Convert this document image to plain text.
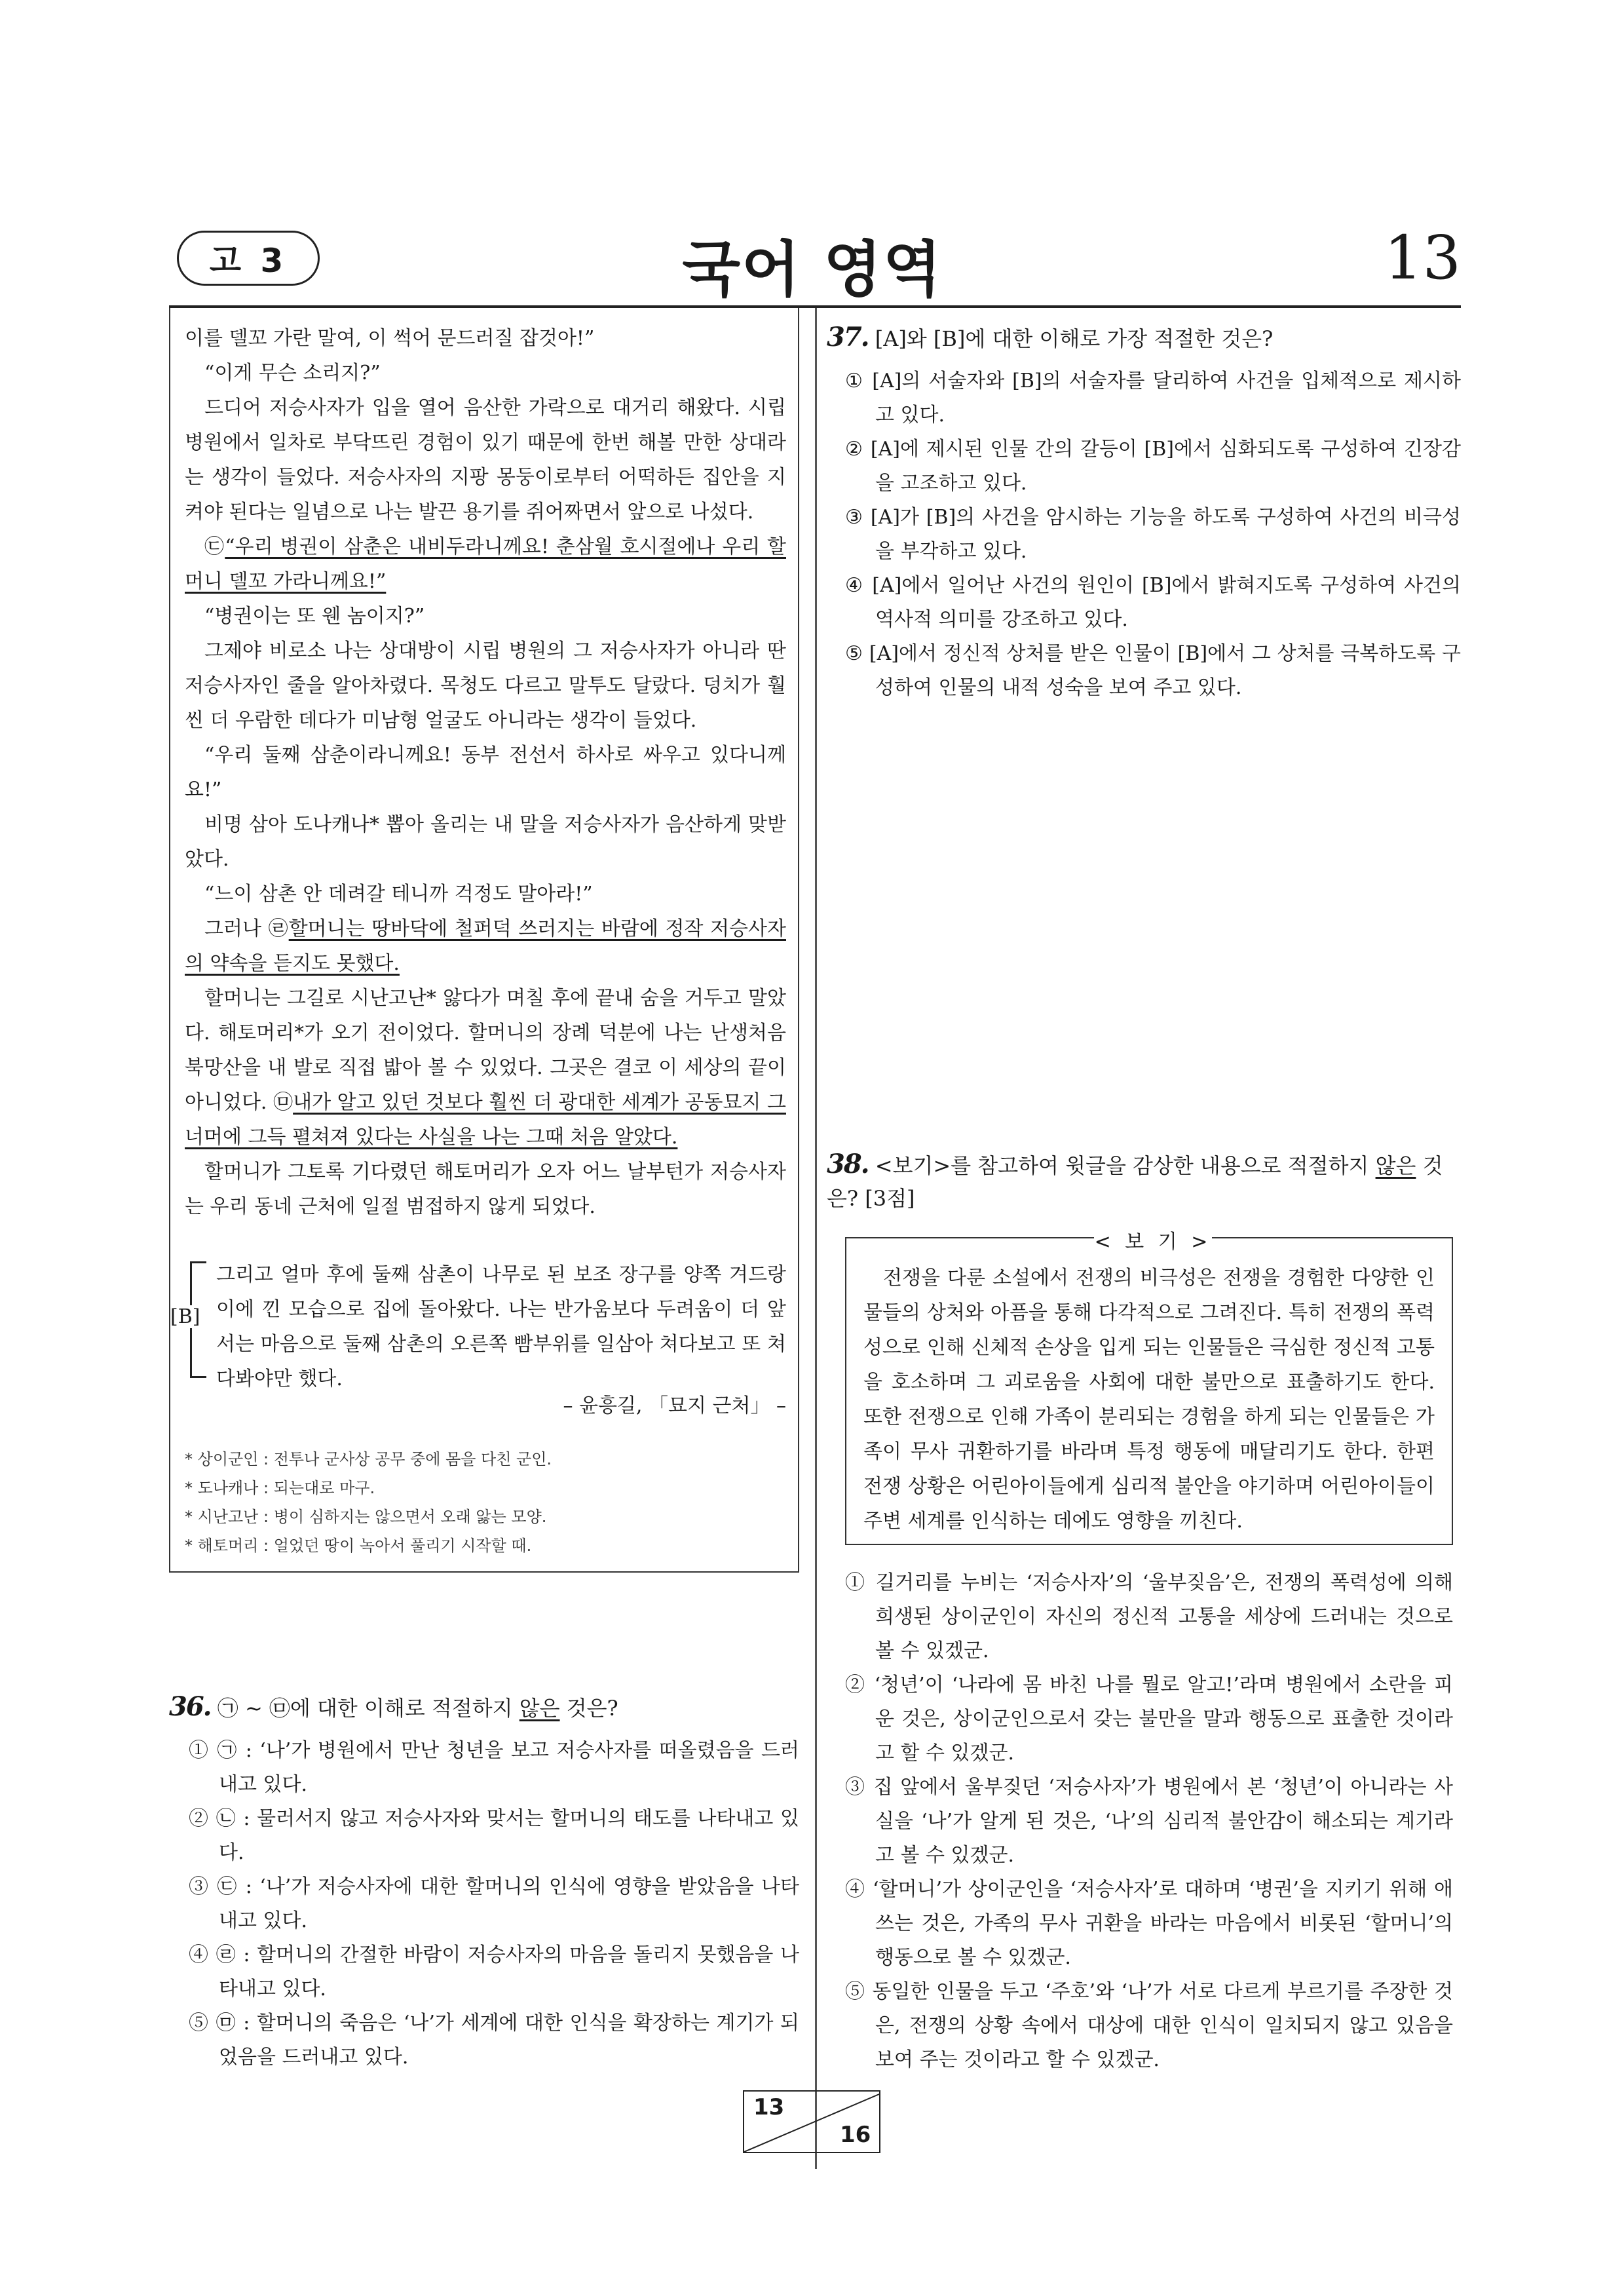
고 3	국어 영역	13

이를 델꼬 가란 말여, 이 썩어 문드러질 잡것아!”

“이게 무슨 소리지?”

드디어 저승사자가 입을 열어 음산한 가락으로 대거리 해왔다. 시립 병원에서 일차로 부닥뜨린 경험이 있기 때문에 한번 해볼 만한 상대라는 생각이 들었다. 저승사자의 지팡 몽둥이로부터 어떡하든 집안을 지켜야 된다는 일념으로 나는 발끈 용기를 쥐어짜면서 앞으로 나섰다.

㉢“우리 병권이 삼춘은 내비두라니께요! 춘삼월 호시절에나 우리 할머니 델꼬 가라니께요!”

“병권이는 또 웬 놈이지?”

그제야 비로소 나는 상대방이 시립 병원의 그 저승사자가 아니라 딴 저승사자인 줄을 알아차렸다. 목청도 다르고 말투도 달랐다. 덩치가 훨씬 더 우람한 데다가 미남형 얼굴도 아니라는 생각이 들었다.

“우리 둘째 삼춘이라니께요! 동부 전선서 하사로 싸우고 있다니께요!”

비명 삼아 도나캐나* 뽑아 올리는 내 말을 저승사자가 음산하게 맞받았다.

“느이 삼촌 안 데려갈 테니까 걱정도 말아라!”

그러나 ㉣할머니는 땅바닥에 철퍼덕 쓰러지는 바람에 정작 저승사자의 약속을 듣지도 못했다.

할머니는 그길로 시난고난* 앓다가 며칠 후에 끝내 숨을 거두고 말았다. 해토머리*가 오기 전이었다. 할머니의 장례 덕분에 나는 난생처음 북망산을 내 발로 직접 밟아 볼 수 있었다. 그곳은 결코 이 세상의 끝이 아니었다. ㉤내가 알고 있던 것보다 훨씬 더 광대한 세계가 공동묘지 그 너머에 그득 펼쳐져 있다는 사실을 나는 그때 처음 알았다.

할머니가 그토록 기다렸던 해토머리가 오자 어느 날부턴가 저승사자는 우리 동네 근처에 일절 범접하지 않게 되었다.

[B]

그리고 얼마 후에 둘째 삼촌이 나무로 된 보조 장구를 양쪽 겨드랑이에 낀 모습으로 집에 돌아왔다. 나는 반가움보다 두려움이 더 앞서는 마음으로 둘째 삼촌의 오른쪽 빰부위를 일삼아 쳐다보고 또 쳐다봐야만 했다.

– 윤흥길, 「묘지 근처」 –
* 상이군인 : 전투나 군사상 공무 중에 몸을 다친 군인.
* 도나캐나 : 되는대로 마구.
* 시난고난 : 병이 심하지는 않으면서 오래 앓는 모양.
* 해토머리 : 얼었던 땅이 녹아서 풀리기 시작할 때.
36. ㉠ ~ ㉤에 대한 이해로 적절하지 않은 것은?

① ㉠ : ‘나’가 병원에서 만난 청년을 보고 저승사자를 떠올렸음을 드러내고 있다.

② ㉡ : 물러서지 않고 저승사자와 맞서는 할머니의 태도를 나타내고 있다.

③ ㉢ : ‘나’가 저승사자에 대한 할머니의 인식에 영향을 받았음을 나타내고 있다.

④ ㉣ : 할머니의 간절한 바람이 저승사자의 마음을 돌리지 못했음을 나타내고 있다.

⑤ ㉤ : 할머니의 죽음은 ‘나’가 세계에 대한 인식을 확장하는 계기가 되었음을 드러내고 있다.

37. [A]와 [B]에 대한 이해로 가장 적절한 것은?

① [A]의 서술자와 [B]의 서술자를 달리하여 사건을 입체적으로 제시하고 있다.

② [A]에 제시된 인물 간의 갈등이 [B]에서 심화되도록 구성하여 긴장감을 고조하고 있다.

③ [A]가 [B]의 사건을 암시하는 기능을 하도록 구성하여 사건의 비극성을 부각하고 있다.

④ [A]에서 일어난 사건의 원인이 [B]에서 밝혀지도록 구성하여 사건의 역사적 의미를 강조하고 있다.

⑤ [A]에서 정신적 상처를 받은 인물이 [B]에서 그 상처를 극복하도록 구성하여 인물의 내적 성숙을 보여 주고 있다.

38. <보기>를 참고하여 윗글을 감상한 내용으로 적절하지 않은 것은? [3점]

전쟁을 다룬 소설에서 전쟁의 비극성은 전쟁을 경험한 다양한 인물들의 상처와 아픔을 통해 다각적으로 그려진다. 특히 전쟁의 폭력성으로 인해 신체적 손상을 입게 되는 인물들은 극심한 정신적 고통을 호소하며 그 괴로움을 사회에 대한 불만으로 표출하기도 한다. 또한 전쟁으로 인해 가족이 분리되는 경험을 하게 되는 인물들은 가족이 무사 귀환하기를 바라며 특정 행동에 매달리기도 한다. 한편 전쟁 상황은 어린아이들에게 심리적 불안을 야기하며 어린아이들이 주변 세계를 인식하는 데에도 영향을 끼친다.

< 보 기 >

① 길거리를 누비는 ‘저승사자’의 ‘울부짖음’은, 전쟁의 폭력성에 의해 희생된 상이군인이 자신의 정신적 고통을 세상에 드러내는 것으로 볼 수 있겠군.

② ‘청년’이 ‘나라에 몸 바친 나를 뭘로 알고!’라며 병원에서 소란을 피운 것은, 상이군인으로서 갖는 불만을 말과 행동으로 표출한 것이라고 할 수 있겠군.

③ 집 앞에서 울부짖던 ‘저승사자’가 병원에서 본 ‘청년’이 아니라는 사실을 ‘나’가 알게 된 것은, ‘나’의 심리적 불안감이 해소되는 계기라고 볼 수 있겠군.

④ ‘할머니’가 상이군인을 ‘저승사자’로 대하며 ‘병권’을 지키기 위해 애쓰는 것은, 가족의 무사 귀환을 바라는 마음에서 비롯된 ‘할머니’의 행동으로 볼 수 있겠군.

⑤ 동일한 인물을 두고 ‘주호’와 ‘나’가 서로 다르게 부르기를 주장한 것은, 전쟁의 상황 속에서 대상에 대한 인식이 일치되지 않고 있음을 보여 주는 것이라고 할 수 있겠군.

13
16
